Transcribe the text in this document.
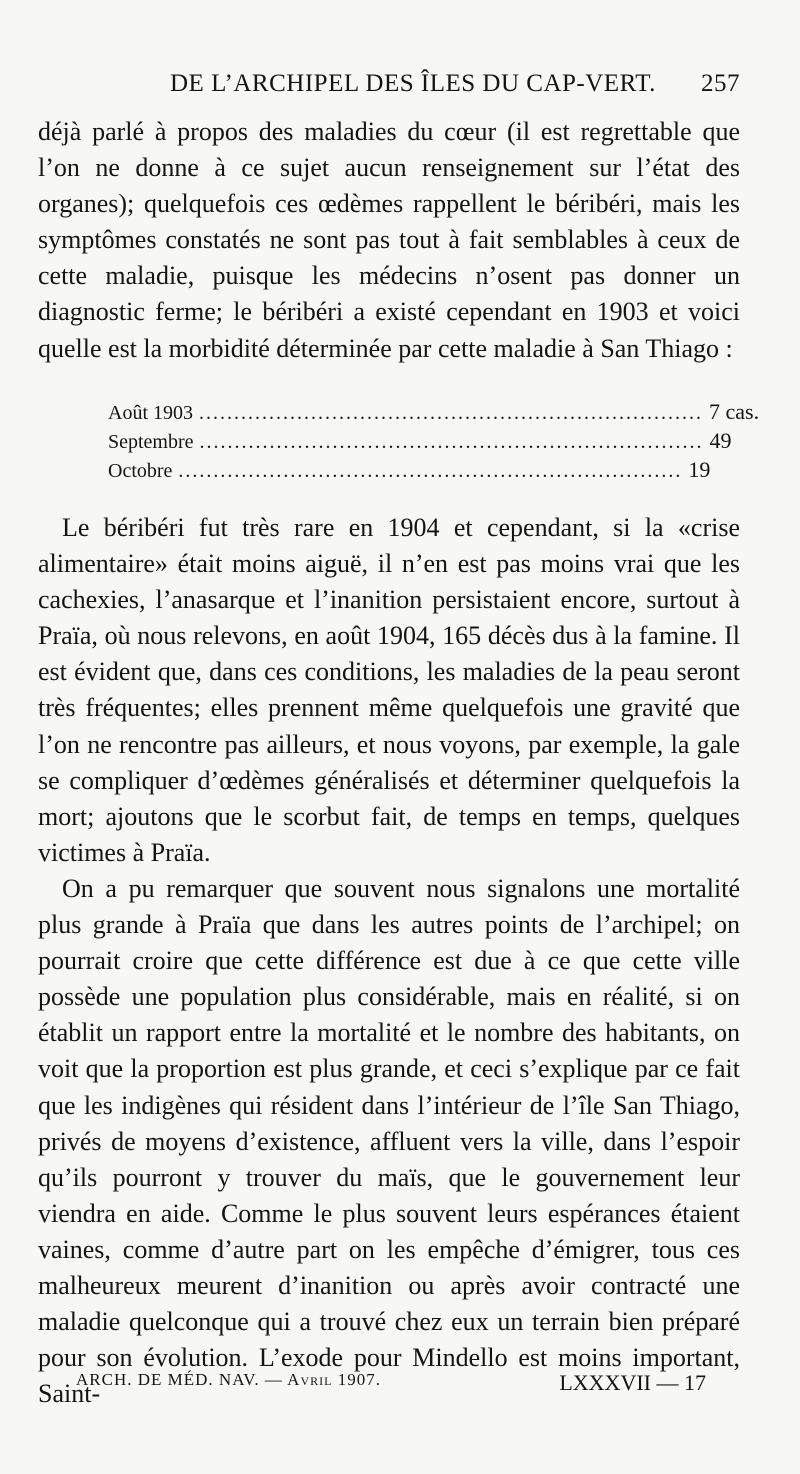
DE L’ARCHIPEL DES ÎLES DU CAP-VERT. 257

déjà parlé à propos des maladies du cœur (il est regrettable que l’on ne donne à ce sujet aucun renseignement sur l’état des organes); quelquefois ces œdèmes rappellent le béribéri, mais les symptômes constatés ne sont pas tout à fait semblables à ceux de cette maladie, puisque les médecins n’osent pas donner un diagnostic ferme; le béribéri a existé cependant en 1903 et voici quelle est la morbidité déterminée par cette maladie à San Thiago :

Août 1903 ........................................................................ 7 cas.
Septembre ........................................................................ 49
Octobre ........................................................................ 19

Le béribéri fut très rare en 1904 et cependant, si la «crise alimentaire» était moins aiguë, il n’en est pas moins vrai que les cachexies, l’anasarque et l’inanition persistaient encore, surtout à Praïa, où nous relevons, en août 1904, 165 décès dus à la famine. Il est évident que, dans ces conditions, les maladies de la peau seront très fréquentes; elles prennent même quelquefois une gravité que l’on ne rencontre pas ailleurs, et nous voyons, par exemple, la gale se compliquer d’œdèmes généralisés et déterminer quelquefois la mort; ajoutons que le scorbut fait, de temps en temps, quelques victimes à Praïa.

On a pu remarquer que souvent nous signalons une mortalité plus grande à Praïa que dans les autres points de l’archipel; on pourrait croire que cette différence est due à ce que cette ville possède une population plus considérable, mais en réalité, si on établit un rapport entre la mortalité et le nombre des habitants, on voit que la proportion est plus grande, et ceci s’explique par ce fait que les indigènes qui résident dans l’intérieur de l’île San Thiago, privés de moyens d’existence, affluent vers la ville, dans l’espoir qu’ils pourront y trouver du maïs, que le gouvernement leur viendra en aide. Comme le plus souvent leurs espérances étaient vaines, comme d’autre part on les empêche d’émigrer, tous ces malheureux meurent d’inanition ou après avoir contracté une maladie quelconque qui a trouvé chez eux un terrain bien préparé pour son évolution. L’exode pour Mindello est moins important, Saint-

ARCH. DE MÉD. NAV. — Avril 1907.	LXXXVII — 17
